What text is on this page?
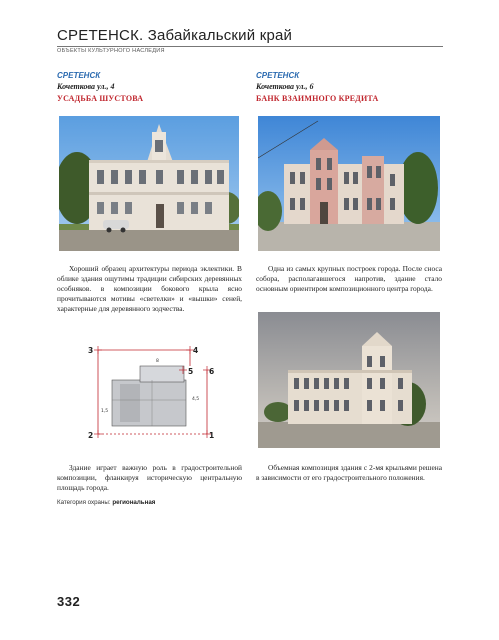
СРЕТЕНСК. Забайкальский край
ОБЪЕКТЫ КУЛЬТУРНОГО НАСЛЕДИЯ
СРЕТЕНСК
Кочеткова ул., 4
УСАДЬБА ШУСТОВА
СРЕТЕНСК
Кочеткова ул., 6
БАНК ВЗАИМНОГО КРЕДИТА
Хороший образец архитектуры периода эклектики. В облике здания ощутимы традиции сибирских деревянных особняков. в композиции бокового крыла ясно прочитываются мотивы «светелки» и «вышки» сеней, характерные для деревянного зодчества.
Одна из самых крупных построек города. После сноса собора, располагавшегося напротив, здание стало основным ориентиром композиционного центра города.
3	4
2	1
5 6
1,5
4,5
8
Здание играет важную роль в градостроительной композиции, фланкируя историческую центральную площадь города.
Объемная композиция здания с 2-мя крыльями решена в зависимости от его градостроительного положения.
Категория охраны: региональная
332
